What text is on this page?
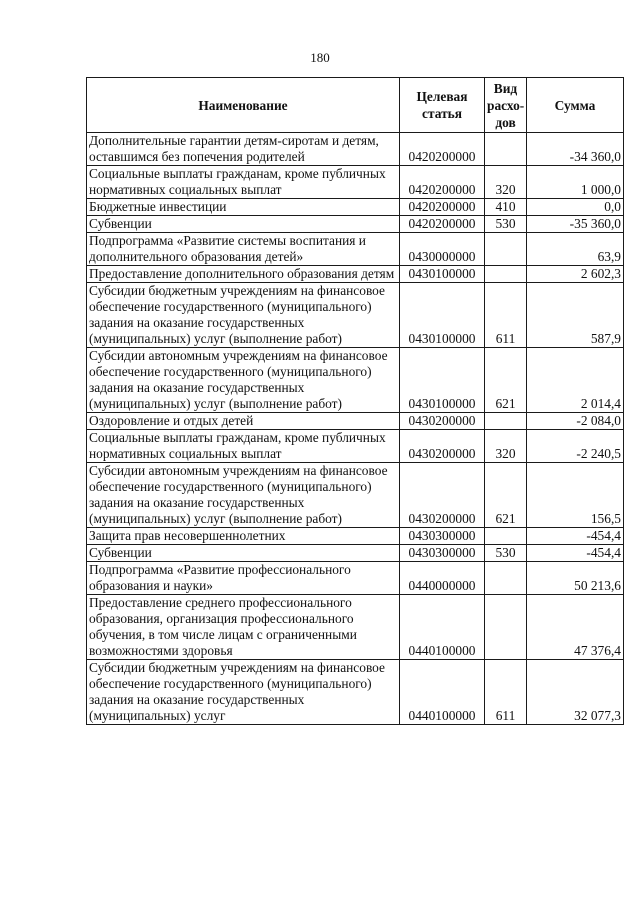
180
Наименование	Целевая статья	Вид расхо-дов	Сумма
Дополнительные гарантии детям-сиротам и детям, оставшимся без попечения родителей	0420200000		-34 360,0
Социальные выплаты гражданам, кроме публичных нормативных социальных выплат	0420200000	320	1 000,0
Бюджетные инвестиции	0420200000	410	0,0
Субвенции	0420200000	530	-35 360,0
Подпрограмма «Развитие системы воспитания и дополнительного образования детей»	0430000000		63,9
Предоставление дополнительного образования детям	0430100000		2 602,3
Субсидии бюджетным учреждениям на финансовое обеспечение государственного (муниципального) задания на оказание государственных (муниципальных) услуг (выполнение работ)	0430100000	611	587,9
Субсидии автономным учреждениям на финансовое обеспечение государственного (муниципального) задания на оказание государственных (муниципальных) услуг (выполнение работ)	0430100000	621	2 014,4
Оздоровление и отдых детей	0430200000		-2 084,0
Социальные выплаты гражданам, кроме публичных нормативных социальных выплат	0430200000	320	-2 240,5
Субсидии автономным учреждениям на финансовое обеспечение государственного (муниципального) задания на оказание государственных (муниципальных) услуг (выполнение работ)	0430200000	621	156,5
Защита прав несовершеннолетних	0430300000		-454,4
Субвенции	0430300000	530	-454,4
Подпрограмма «Развитие профессионального образования и науки»	0440000000		50 213,6
Предоставление среднего профессионального образования, организация профессионального обучения, в том числе лицам с ограниченными возможностями здоровья	0440100000		47 376,4
Субсидии бюджетным учреждениям на финансовое обеспечение государственного (муниципального) задания на оказание государственных (муниципальных) услуг	0440100000	611	32 077,3
